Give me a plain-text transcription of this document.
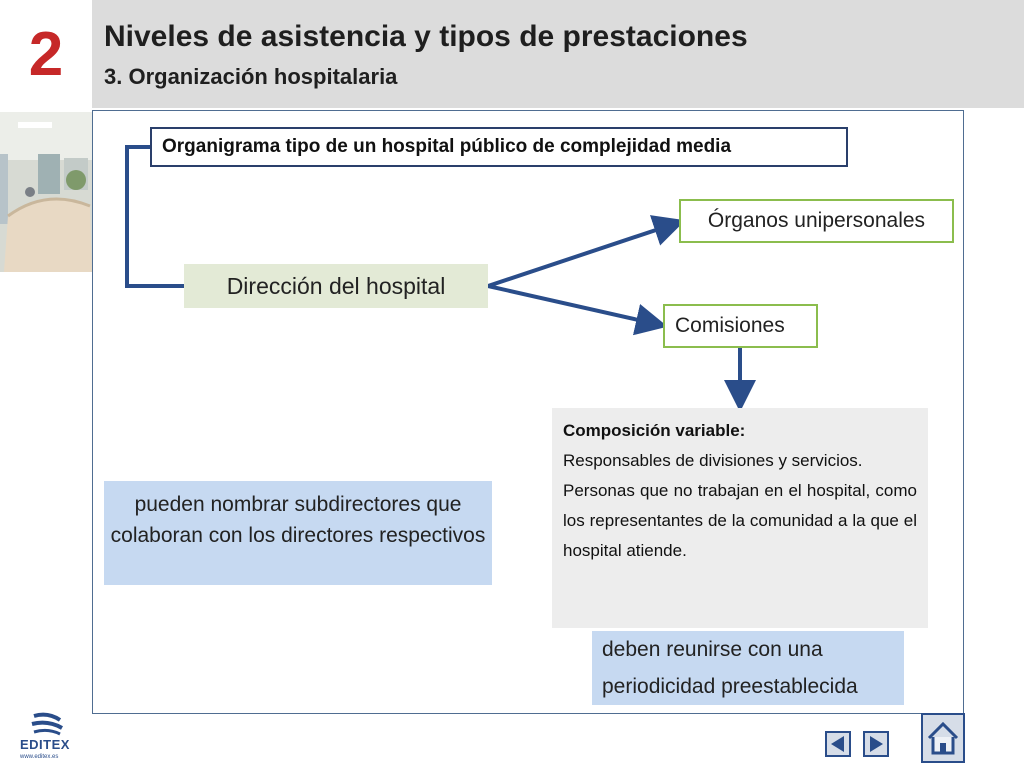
2	Niveles de asistencia y tipos de prestaciones
3. Organización hospitalaria
Organigrama tipo de un hospital público de complejidad media
Dirección del hospital
Órganos unipersonales
Comisiones
pueden nombrar subdirectores que colaboran con los directores respectivos

Composición variable:

Responsables de divisiones y servicios.

Personas que no trabajan en el hospital, como los representantes de la comunidad a la que el hospital atiende.

deben reunirse con una periodicidad preestablecida
EDITEX
www.editex.es
